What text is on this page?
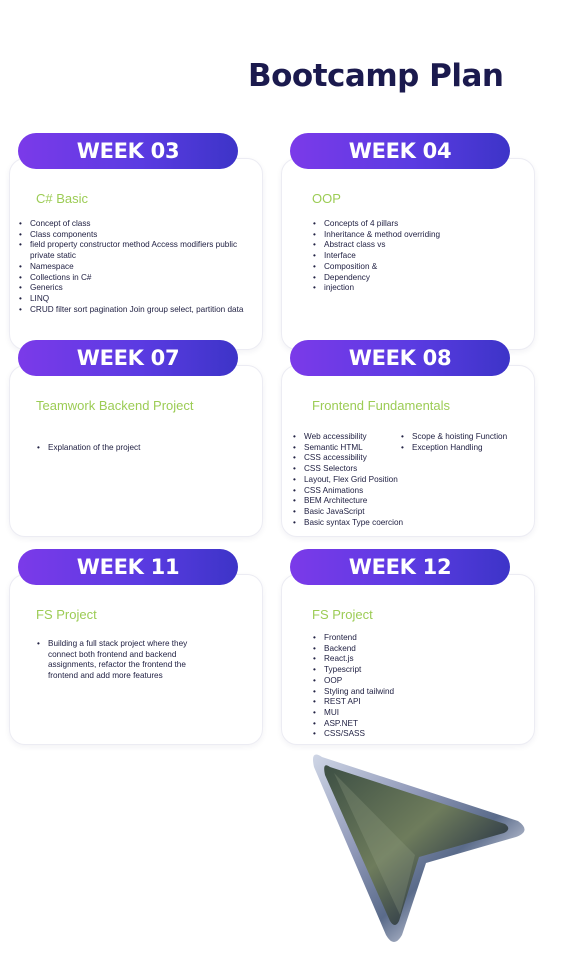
Bootcamp Plan
WEEK 03
C# Basic
• Concept of class
• Class components
• field property constructor method Access modifiers public private static
• Namespace
• Collections in C#
• Generics
• LINQ
• CRUD filter sort pagination Join group select, partition data
WEEK 04
OOP
• Concepts of 4 pillars
• Inheritance & method overriding
• Abstract class vs
• Interface
• Composition &
• Dependency
• injection
WEEK 07
Teamwork Backend Project
• Explanation of the project
WEEK 08
Frontend Fundamentals
• Web accessibility
• Semantic HTML
• CSS accessibility
• CSS Selectors
• Layout, Flex Grid Position
• CSS Animations
• BEM Architecture
• Basic JavaScript
• Basic syntax Type coercion
• Scope & hoisting Function
• Exception Handling
WEEK 11
FS Project
• Building a full stack project where they connect both frontend and backend assignments, refactor the frontend the frontend and add more features
WEEK 12
FS Project
• Frontend
• Backend
• React.js
• Typescript
• OOP
• Styling and tailwind
• REST API
• MUI
• ASP.NET
• CSS/SASS
